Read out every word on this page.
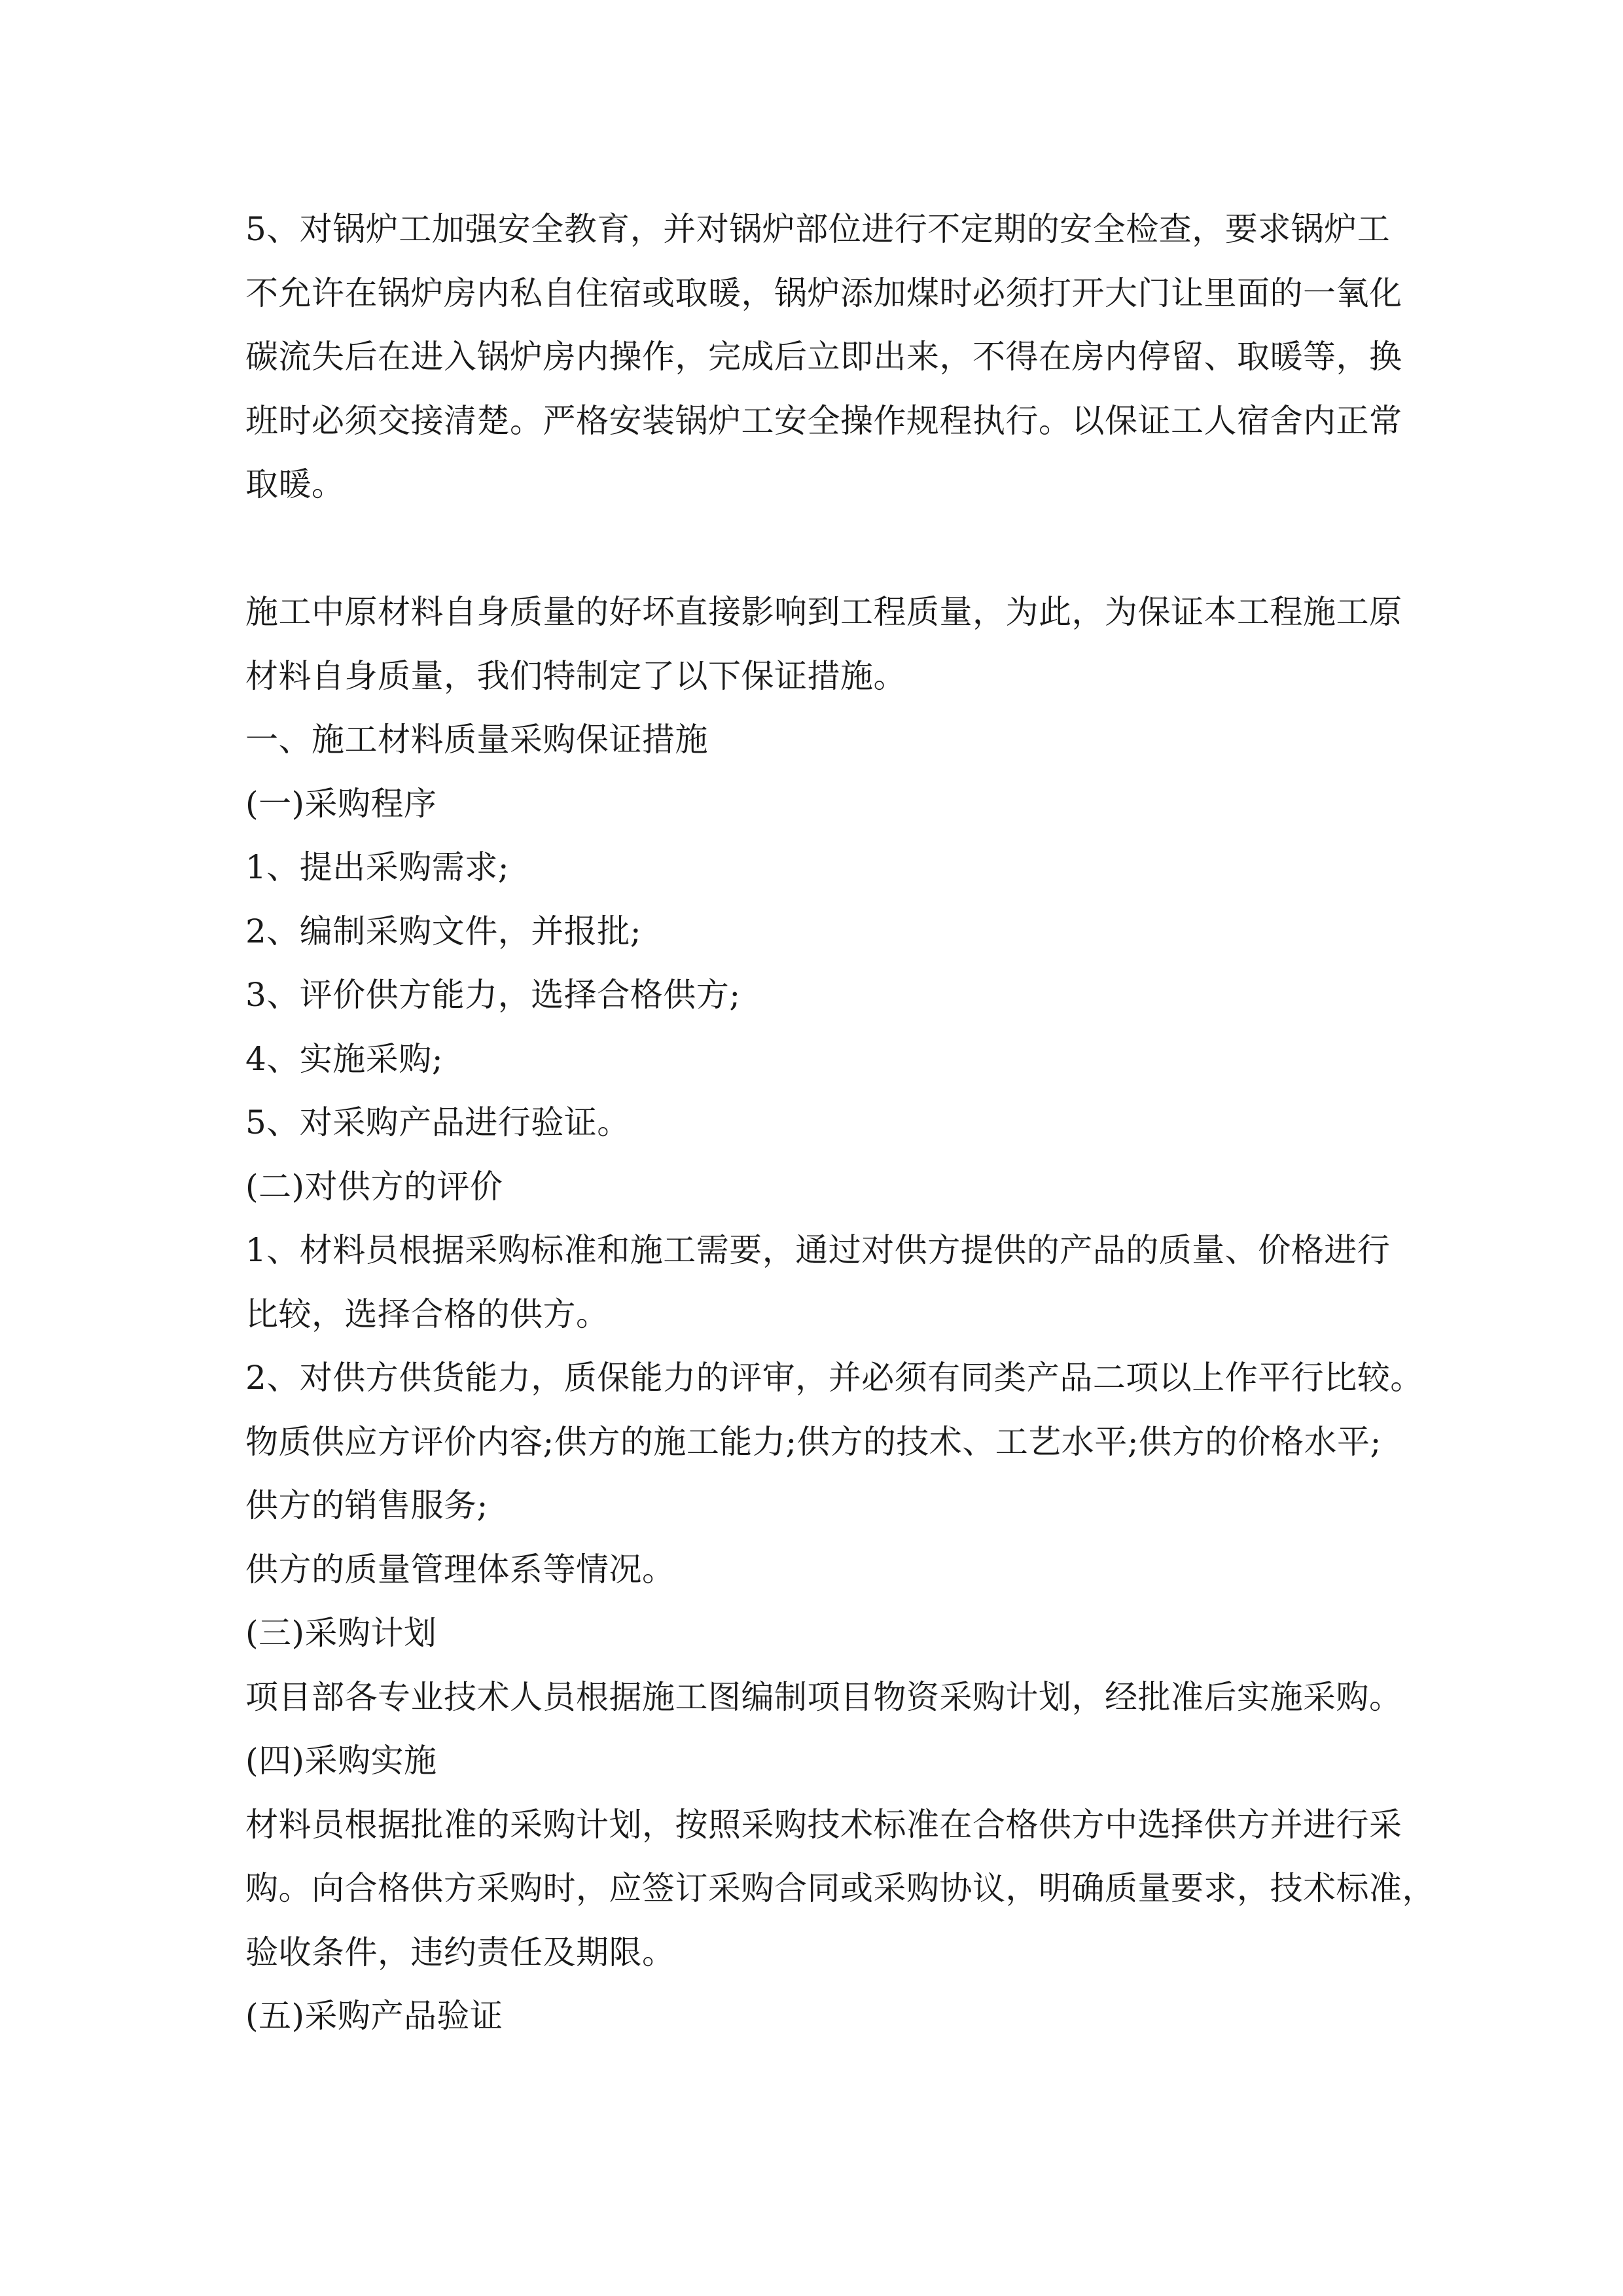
5、对锅炉工加强安全教育，并对锅炉部位进行不定期的安全检查，要求锅炉工
不允许在锅炉房内私自住宿或取暖，锅炉添加煤时必须打开大门让里面的一氧化
碳流失后在进入锅炉房内操作，完成后立即出来，不得在房内停留、取暖等，换
班时必须交接清楚。严格安装锅炉工安全操作规程执行。以保证工人宿舍内正常
取暖。
施工中原材料自身质量的好坏直接影响到工程质量，为此，为保证本工程施工原
材料自身质量，我们特制定了以下保证措施。
一、施工材料质量采购保证措施
(一)采购程序
1、提出采购需求;
2、编制采购文件，并报批;
3、评价供方能力，选择合格供方;
4、实施采购;
5、对采购产品进行验证。
(二)对供方的评价
1、材料员根据采购标准和施工需要，通过对供方提供的产品的质量、价格进行
比较，选择合格的供方。
2、对供方供货能力，质保能力的评审，并必须有同类产品二项以上作平行比较。
物质供应方评价内容;供方的施工能力;供方的技术、工艺水平;供方的价格水平;
供方的销售服务;
供方的质量管理体系等情况。
(三)采购计划
项目部各专业技术人员根据施工图编制项目物资采购计划，经批准后实施采购。
(四)采购实施
材料员根据批准的采购计划，按照采购技术标准在合格供方中选择供方并进行采
购。向合格供方采购时，应签订采购合同或采购协议，明确质量要求，技术标准，
验收条件，违约责任及期限。
(五)采购产品验证
